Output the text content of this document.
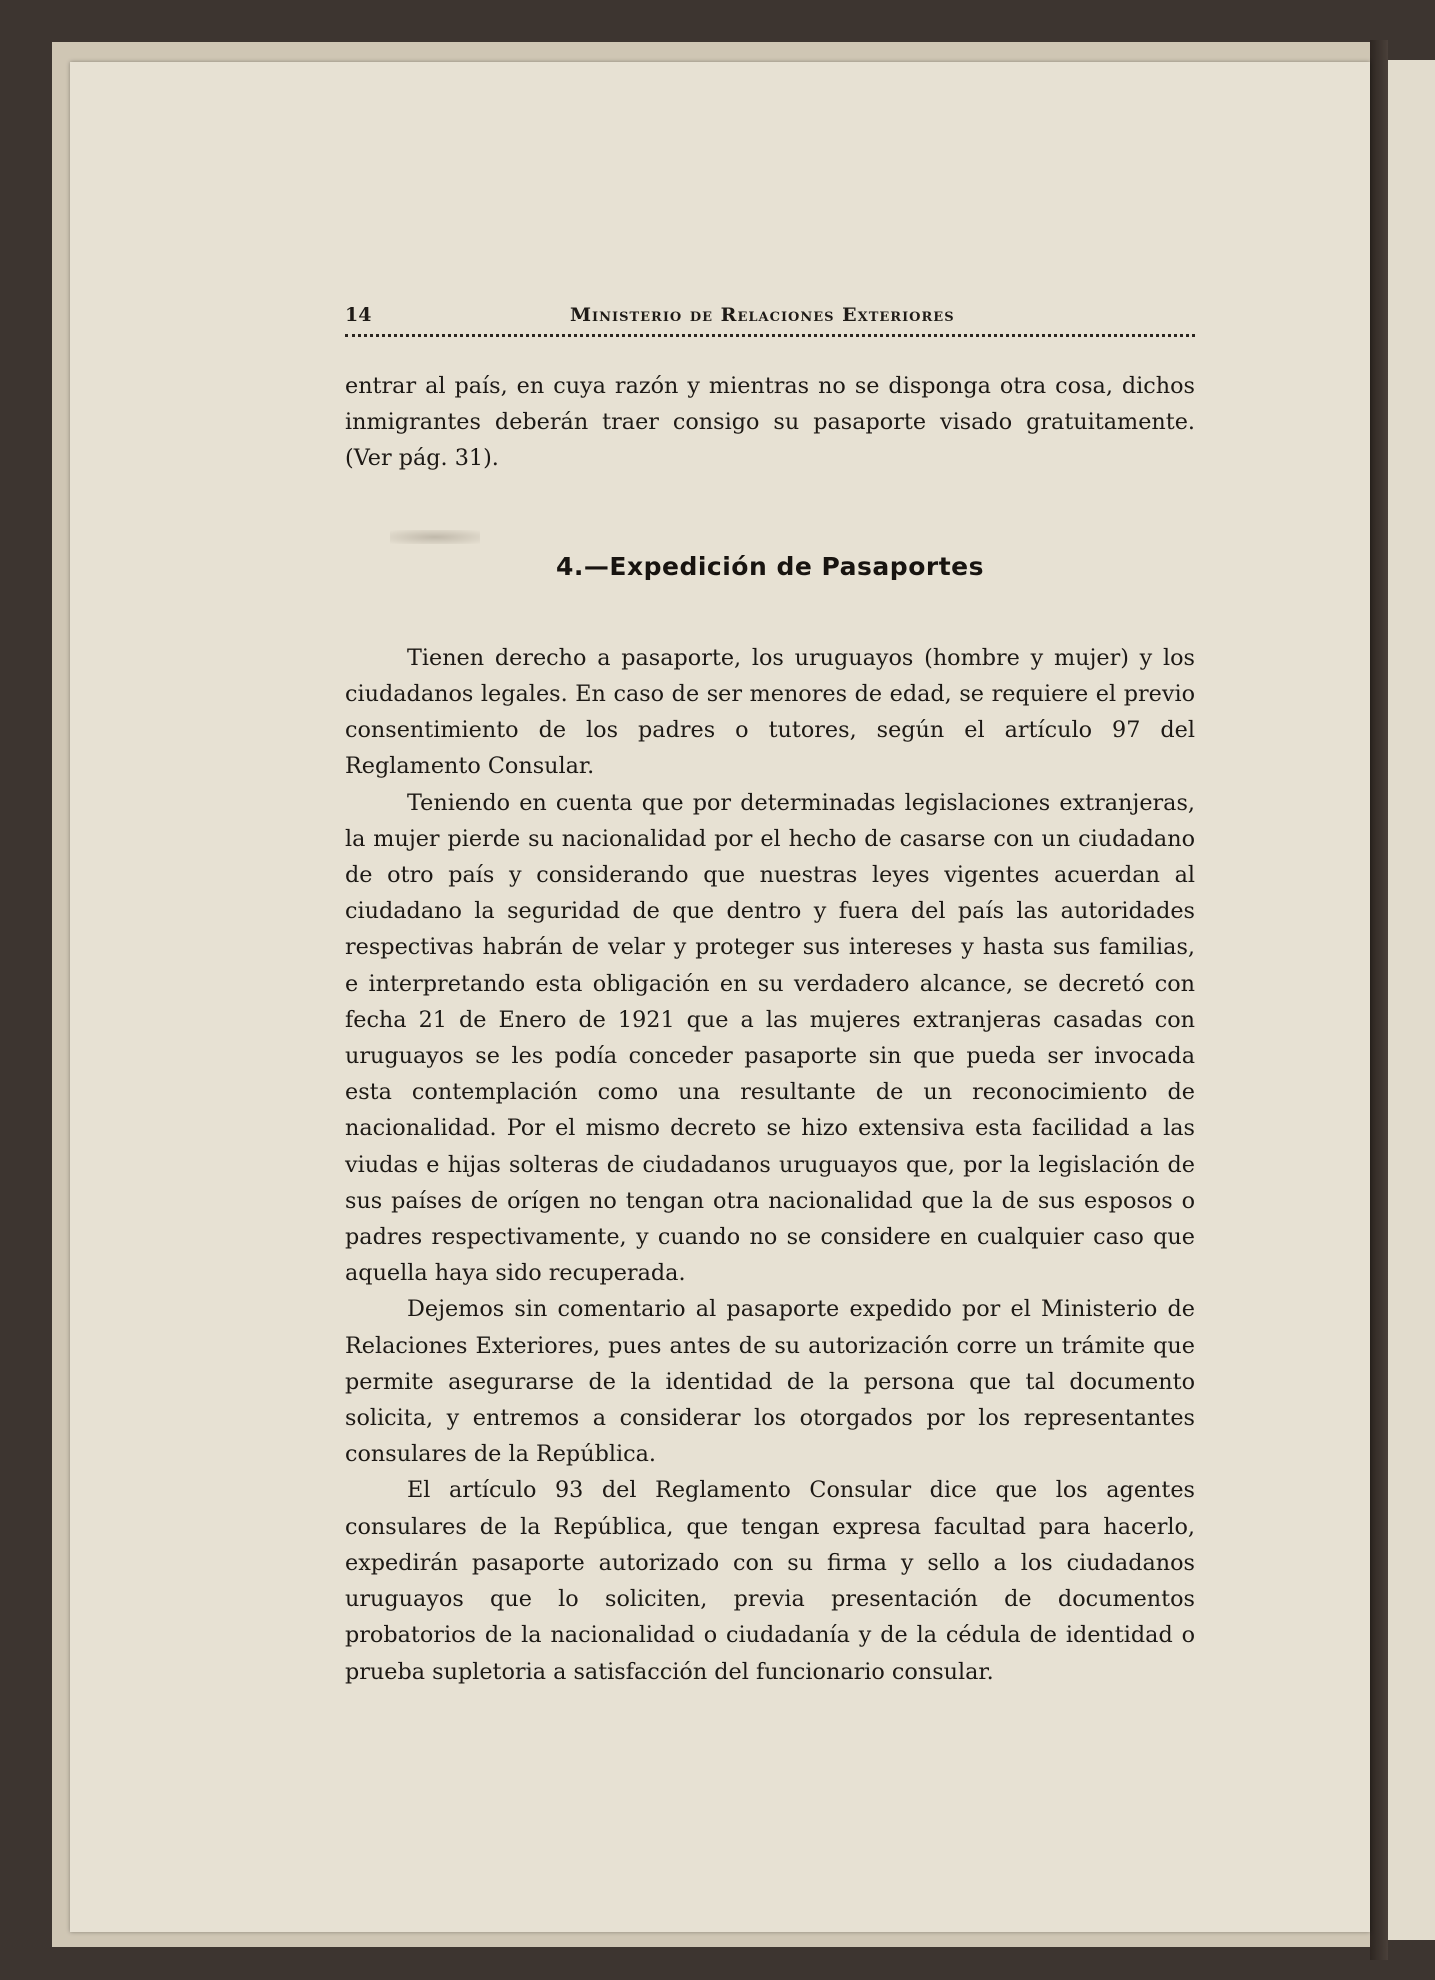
14	Ministerio de Relaciones Exteriores

entrar al país, en cuya razón y mientras no se disponga otra cosa, dichos inmigrantes deberán traer consigo su pasaporte visado gratuitamente. (Ver pág. 31).

4.—Expedición de Pasaportes

Tienen derecho a pasaporte, los uruguayos (hombre y mujer) y los ciudadanos legales. En caso de ser menores de edad, se requiere el previo consentimiento de los padres o tutores, según el artículo 97 del Reglamento Consular.

Teniendo en cuenta que por determinadas legislaciones extranjeras, la mujer pierde su nacionalidad por el hecho de casarse con un ciudadano de otro país y considerando que nuestras leyes vigentes acuerdan al ciudadano la seguridad de que dentro y fuera del país las autoridades respectivas habrán de velar y proteger sus intereses y hasta sus familias, e interpretando esta obligación en su verdadero alcance, se decretó con fecha 21 de Enero de 1921 que a las mujeres extranjeras casadas con uruguayos se les podía conceder pasaporte sin que pueda ser invocada esta contemplación como una resultante de un reconocimiento de nacionalidad. Por el mismo decreto se hizo extensiva esta facilidad a las viudas e hijas solteras de ciudadanos uruguayos que, por la legislación de sus países de orígen no tengan otra nacionalidad que la de sus esposos o padres respectivamente, y cuando no se considere en cualquier caso que aquella haya sido recuperada.

Dejemos sin comentario al pasaporte expedido por el Ministerio de Relaciones Exteriores, pues antes de su autorización corre un trámite que permite asegurarse de la identidad de la persona que tal documento solicita, y entremos a considerar los otorgados por los representantes consulares de la República.

El artículo 93 del Reglamento Consular dice que los agentes consulares de la República, que tengan expresa facultad para hacerlo, expedirán pasaporte autorizado con su firma y sello a los ciudadanos uruguayos que lo soliciten, previa presentación de documentos probatorios de la nacionalidad o ciudadanía y de la cédula de identidad o prueba supletoria a satisfacción del funcionario consular.
